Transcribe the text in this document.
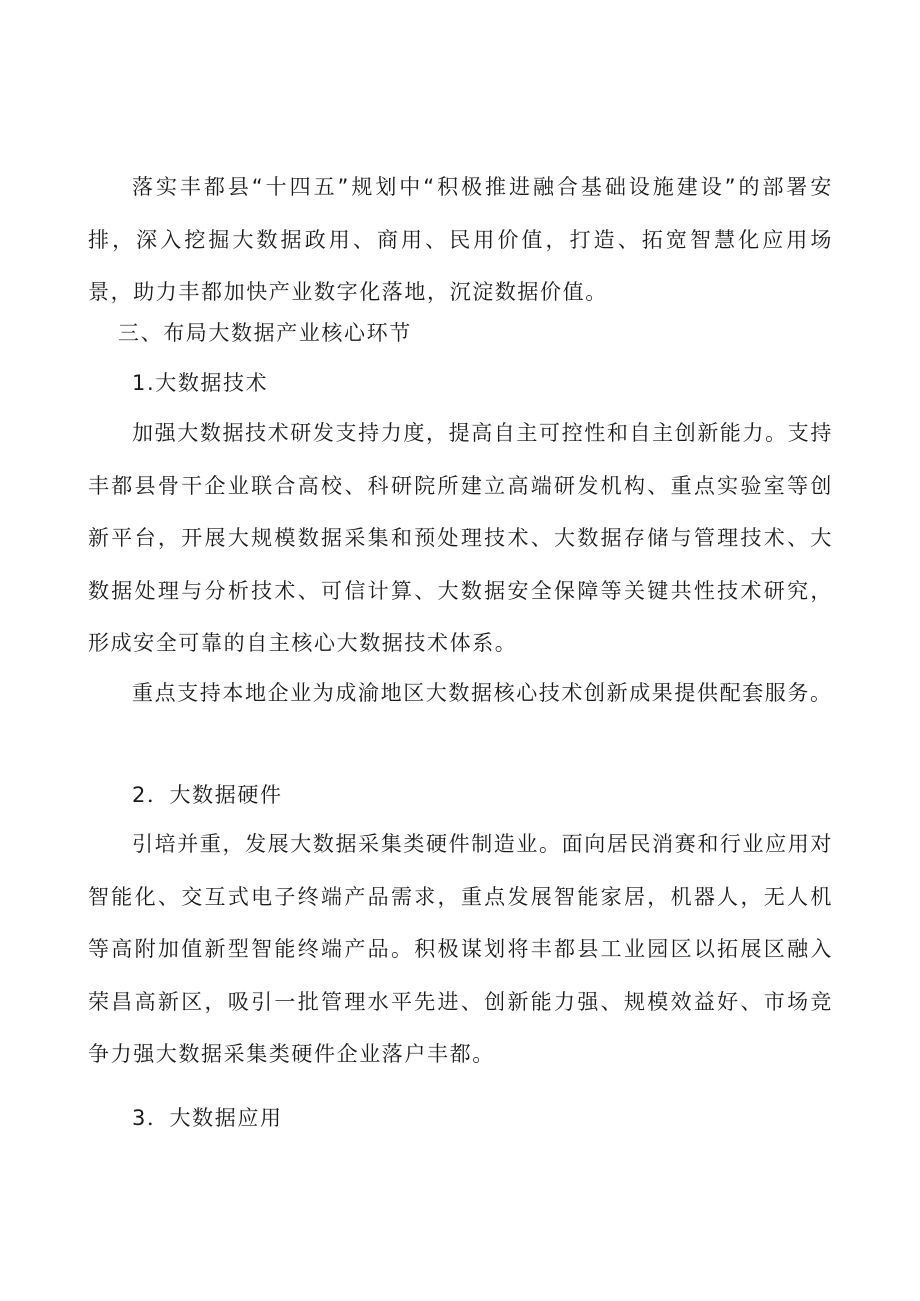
落实丰都县“十四五”规划中“积极推进融合基础设施建设”的部署安排，深入挖掘大数据政用、商用、民用价值，打造、拓宽智慧化应用场景，助力丰都加快产业数字化落地，沉淀数据价值。

三、布局大数据产业核心环节

1.大数据技术

加强大数据技术研发支持力度，提高自主可控性和自主创新能力。支持丰都县骨干企业联合高校、科研院所建立高端研发机构、重点实验室等创新平台，开展大规模数据采集和预处理技术、大数据存储与管理技术、大数据处理与分析技术、可信计算、大数据安全保障等关键共性技术研究，形成安全可靠的自主核心大数据技术体系。

重点支持本地企业为成渝地区大数据核心技术创新成果提供配套服务。

2．大数据硬件

引培并重，发展大数据采集类硬件制造业。面向居民消赛和行业应用对智能化、交互式电子终端产品需求，重点发展智能家居，机器人，无人机等高附加值新型智能终端产品。积极谋划将丰都县工业园区以拓展区融入荣昌高新区，吸引一批管理水平先进、创新能力强、规模效益好、市场竞争力强大数据采集类硬件企业落户丰都。

3．大数据应用
